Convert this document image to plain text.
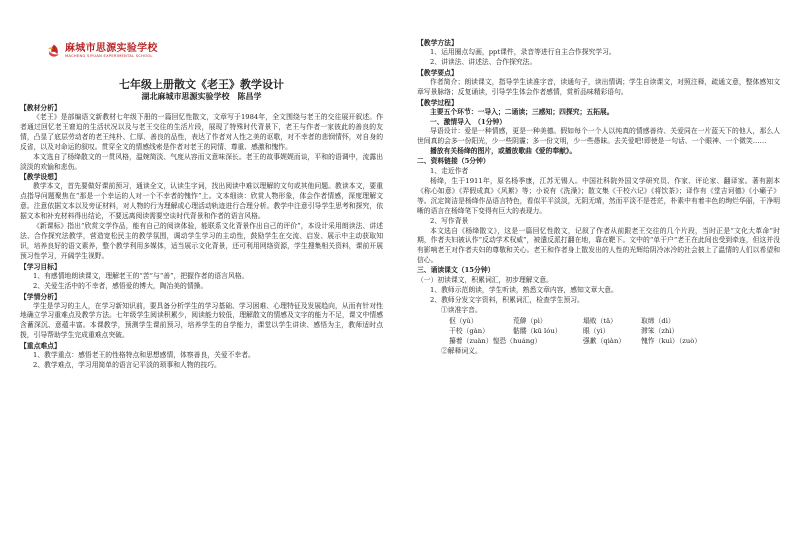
七年级上册散文《老王》教学设计

湖北麻城市思源实验学校　陈昌学

【教材分析】

《老王》是部编语文新教材七年级下册的一篇回忆性散文，文章写于1984年，全文围绕与老王的交往展开叙述。作者通过回忆老王窘迫的生活状况以及与老王交往的生活片段，展现了特殊时代背景下，老王与作者一家彼此的善良的友情，凸显了底层劳动者的老王纯朴、仁厚、善良的品性，表达了作者对人性之美的讴歌，对不幸者的悲悯情怀，对自身的反省，以及对命运的叙叹。贯穿全文的情感线索是作者对老王的同情、尊重、感激和愧怍。

本文选自了杨绛散文的一贯风格，温婉简淡、气度从容而文意味深长。老王的故事娓娓而谈，平和的语调中，流露出淡淡的欢愉和悲伤。

【教学设想】

教学本文，首先要做好课前预习，通读全文，认读生字词，找出阅读中难以理解的文句或其他问题。教读本文，要重点指导问题聚焦在“那是一个幸运的人对一个不幸者的愧怍”上。文本细读：欣赏人物形象，体会作者情感，深度理解文意。注意依据文本以及旁证材料，对人物的行为理解或心理活动轨迹进行合理分析。教学中注意引导学生思考和探究，依据文本和补充材料得出结论，不要远离阅读需要空谈时代背景和作者的语言风格。

《新课标》指出“欣赏文学作品，能有自己的阅读体验，能联系文化背景作出自己的评价”，本设计采用朗读法、讲述法、合作探究法教学，营造宽松民主的教学氛围，调动学生学习的主动性，鼓励学生在交流、启发、展示中主动获取知识，培养良好的语文素养，整个教学利用多媒体，适当展示文化背景，还可利用网络资源，学生搜集相关资料，课前开展预习性学习，开阔学生视野。

【学习目标】

1、有感情地朗读课文，理解老王的“苦”与“善”，把握作者的语言风格。

2、关爱生活中的不幸者，感悟爱的博大，陶冶美的情操。

【学情分析】

学生是学习的主人，在学习新知识前，要具备分析学生的学习基础、学习困难、心理特征及发展趋向，从而有针对性地确立学习重难点及教学方法。七年级学生阅读积累少，阅读能力较低，理解散文的情感及文字的能力不足，课文中情感含蓄深沉、意蕴丰富。本课教学，预测学生课前预习，培养学生的自学能力，课堂以学生讲读、感悟为主，教师适时点拨，引导帮助学生完成重难点突破。

【重点难点】

1、教学重点：感悟老王的性格特点和思想感情，体察善良，关爱不幸者。

2、教学难点，学习用简单的语言记平淡的琐事和人物的技巧。

麻城市思源实验学校
MACHENG SIYUAN EXPERIMENTAL SCHOOL

【教学方法】

1、运用圈点勾画，ppt课件，录音等进行自主合作探究学习。

2、讲读法、讲述法、合作探究法。

【教学要点】

作者简介；朗读课文，指导学生读准字音，读通句子，读出情调；学生自读课文，对照注释，疏通文意，整体感知文章写景脉络；反复诵读，引导学生体会作者感情，赏析品味精彩语句。

【教学过程】

主要五个环节：一导入；二诵读；三感知；四探究；五拓展。

一、激情导入　（1分钟）

导语设计：爱是一种情感，更是一种美德。假如每个一个人以纯真的情感善待、关爱同在一片蓝天下的他人，那么人世间真的会多一份阳光，少一些阴霾；多一份文明，少一些愚昧。去关爱吧!即使是一句话、一个眼神、一个微笑……

播放有关杨绛的图片，或播放歌曲《爱的奉献》。

二、资料链接（5分钟）

1、走近作者

杨绛，生于1911年，原名杨季康，江苏无锡人。中国社科院外国文学研究员、作家、评论家、翻译家。著有剧本《称心如意》《弄假成真》《风絮》等；小说有《洗澡》；散文集《干校六记》《将饮茶》；译作有《堂吉诃德》《小癞子》等。沉定简洁是杨绛作品语言特色，看似平平淡淡，无阴无晴，然而平淡不是苍茫，朴素中有着丰色的绚烂华丽，干净明晰的语言在杨绛笔下变得有巨大的表现力。

2、写作背景

本文选自《杨绛散文》，这是一篇回忆性散文，记叙了作者从前跟老王交往的几个片段，当时正是“文化大革命”时期，作者夫妇被认作“反动学术权威”，被遣反派打翻在地，靠在靶下。文中的“单干户”老王在此间也受到牵连，但这并没有影响老王对作者夫妇的尊敬和关心。老王和作者身上散发出的人性的光辉给阴冷冰冷的社会披上了温情的人们以希望和信心。

三、诵读课文（15分钟）

（一）初读课文，积累词汇，初步理解文意。

1、教师示范朗读，学生听读，熟悉文章内容，感知文章大意。

2、教师分发文字资料，积累词汇，检查学生预习。

①读准字音。

伛（yǔ）	荒僻（pì）	塌败（tā）	取缔（dì）
干校（gàn）	骷髅（kū lóu）	眼（yì）	滞笨（zhì）
攥着（zuàn）惶恐（huáng）	强歉（qiàn）	愧怍（kuì）（zuò）

②解释词义。
